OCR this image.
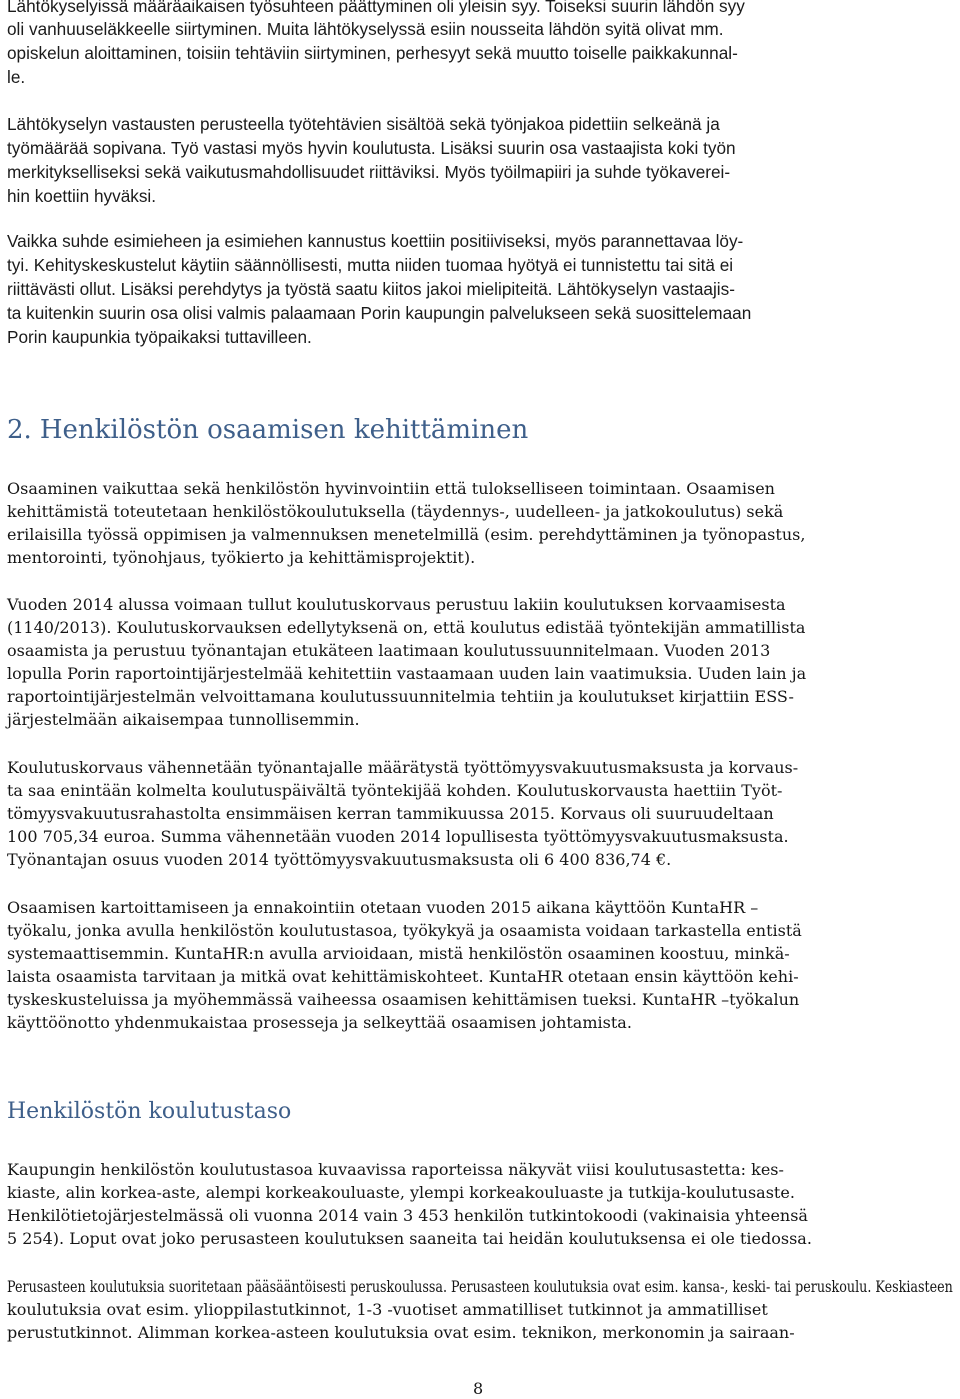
Lähtökyselyissä määräaikaisen työsuhteen päättyminen oli yleisin syy. Toiseksi suurin lähdön syy
oli vanhuuseläkkeelle siirtyminen. Muita lähtökyselyssä esiin nousseita lähdön syitä olivat mm.
opiskelun aloittaminen, toisiin tehtäviin siirtyminen, perhesyyt sekä muutto toiselle paikkakunnal-
le.
Lähtökyselyn vastausten perusteella työtehtävien sisältöä sekä työnjakoa pidettiin selkeänä ja
työmäärää sopivana. Työ vastasi myös hyvin koulutusta. Lisäksi suurin osa vastaajista koki työn
merkitykselliseksi sekä vaikutusmahdollisuudet riittäviksi. Myös työilmapiiri ja suhde työkaverei-
hin koettiin hyväksi.
Vaikka suhde esimieheen ja esimiehen kannustus koettiin positiiviseksi, myös parannettavaa löy-
tyi. Kehityskeskustelut käytiin säännöllisesti, mutta niiden tuomaa hyötyä ei tunnistettu tai sitä ei
riittävästi ollut. Lisäksi perehdytys ja työstä saatu kiitos jakoi mielipiteitä. Lähtökyselyn vastaajis-
ta kuitenkin suurin osa olisi valmis palaamaan Porin kaupungin palvelukseen sekä suosittelemaan
Porin kaupunkia työpaikaksi tuttavilleen.
2. Henkilöstön osaamisen kehittäminen
Osaaminen vaikuttaa sekä henkilöstön hyvinvointiin että tulokselliseen toimintaan. Osaamisen
kehittämistä toteutetaan henkilöstökoulutuksella (täydennys-, uudelleen- ja jatkokoulutus) sekä
erilaisilla työssä oppimisen ja valmennuksen menetelmillä (esim. perehdyttäminen ja työnopastus,
mentorointi, työnohjaus, työkierto ja kehittämisprojektit).
Vuoden 2014 alussa voimaan tullut koulutuskorvaus perustuu lakiin koulutuksen korvaamisesta
(1140/2013). Koulutuskorvauksen edellytyksenä on, että koulutus edistää työntekijän ammatillista
osaamista ja perustuu työnantajan etukäteen laatimaan koulutussuunnitelmaan. Vuoden 2013
lopulla Porin raportointijärjestelmää kehitettiin vastaamaan uuden lain vaatimuksia. Uuden lain ja
raportointijärjestelmän velvoittamana koulutussuunnitelmia tehtiin ja koulutukset kirjattiin ESS-
järjestelmään aikaisempaa tunnollisemmin.
Koulutuskorvaus vähennetään työnantajalle määrätystä työttömyysvakuutusmaksusta ja korvaus-
ta saa enintään kolmelta koulutuspäivältä työntekijää kohden. Koulutuskorvausta haettiin Työt-
tömyysvakuutusrahastolta ensimmäisen kerran tammikuussa 2015. Korvaus oli suuruudeltaan
100 705,34 euroa. Summa vähennetään vuoden 2014 lopullisesta työttömyysvakuutusmaksusta.
Työnantajan osuus vuoden 2014 työttömyysvakuutusmaksusta oli 6 400 836,74 €.
Osaamisen kartoittamiseen ja ennakointiin otetaan vuoden 2015 aikana käyttöön KuntaHR –
työkalu, jonka avulla henkilöstön koulutustasoa, työkykyä ja osaamista voidaan tarkastella entistä
systemaattisemmin. KuntaHR:n avulla arvioidaan, mistä henkilöstön osaaminen koostuu, minkä-
laista osaamista tarvitaan ja mitkä ovat kehittämiskohteet. KuntaHR otetaan ensin käyttöön kehi-
tyskeskusteluissa ja myöhemmässä vaiheessa osaamisen kehittämisen tueksi. KuntaHR –työkalun
käyttöönotto yhdenmukaistaa prosesseja ja selkeyttää osaamisen johtamista.
Henkilöstön koulutustaso
Kaupungin henkilöstön koulutustasoa kuvaavissa raporteissa näkyvät viisi koulutusastetta: kes-
kiaste, alin korkea-aste, alempi korkeakouluaste, ylempi korkeakouluaste ja tutkija-koulutusaste.
Henkilötietojärjestelmässä oli vuonna 2014 vain 3 453 henkilön tutkintokoodi (vakinaisia yhteensä
5 254). Loput ovat joko perusasteen koulutuksen saaneita tai heidän koulutuksensa ei ole tiedossa.
Perusasteen koulutuksia suoritetaan pääsääntöisesti peruskoulussa. Perusasteen koulutuksia ovat esim. kansa-, keski- tai peruskoulu. Keskiasteen
koulutuksia ovat esim. ylioppilastutkinnot, 1-3 -vuotiset ammatilliset tutkinnot ja ammatilliset
perustutkinnot. Alimman korkea-asteen koulutuksia ovat esim. teknikon, merkonomin ja sairaan-
8
